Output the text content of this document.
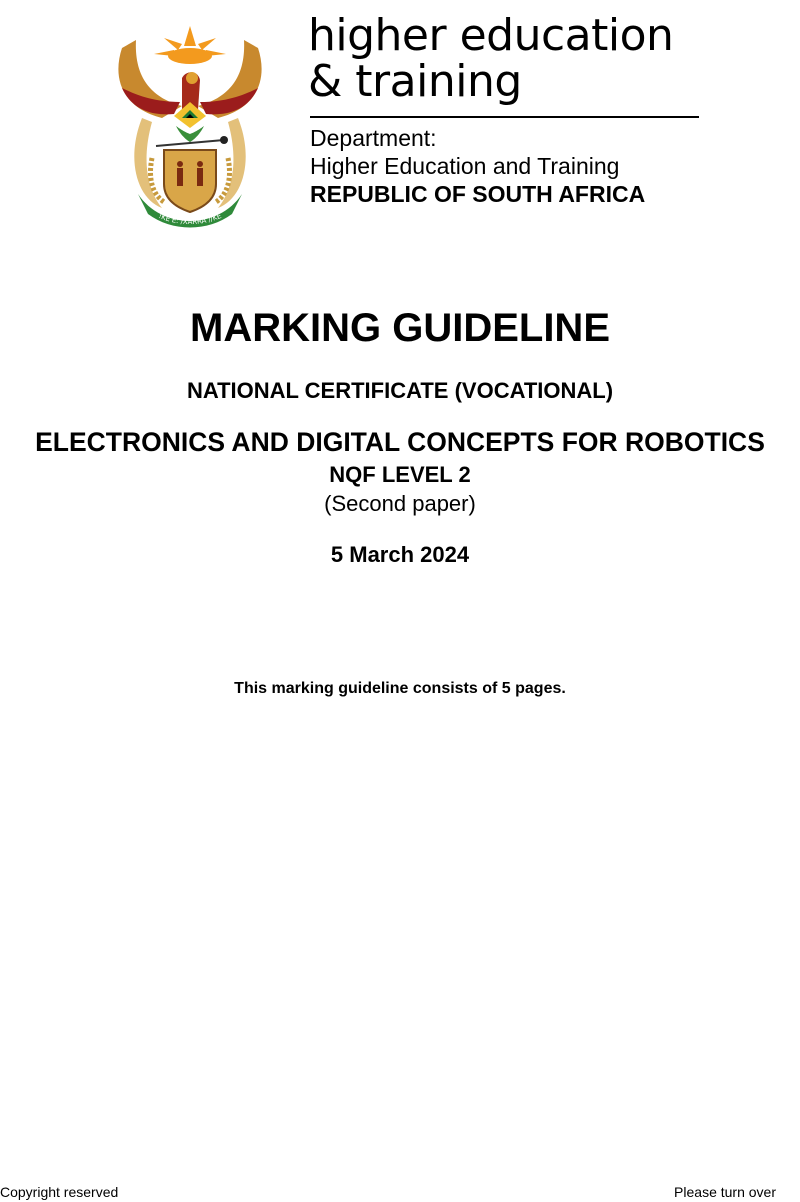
!KE E: /XARRA //KE
higher education
& training
Department:
Higher Education and Training
REPUBLIC OF SOUTH AFRICA
MARKING GUIDELINE
NATIONAL CERTIFICATE (VOCATIONAL)
ELECTRONICS AND DIGITAL CONCEPTS FOR ROBOTICS
NQF LEVEL 2
(Second paper)
5 March 2024
This marking guideline consists of 5 pages.
Copyright reserved	Please turn over
